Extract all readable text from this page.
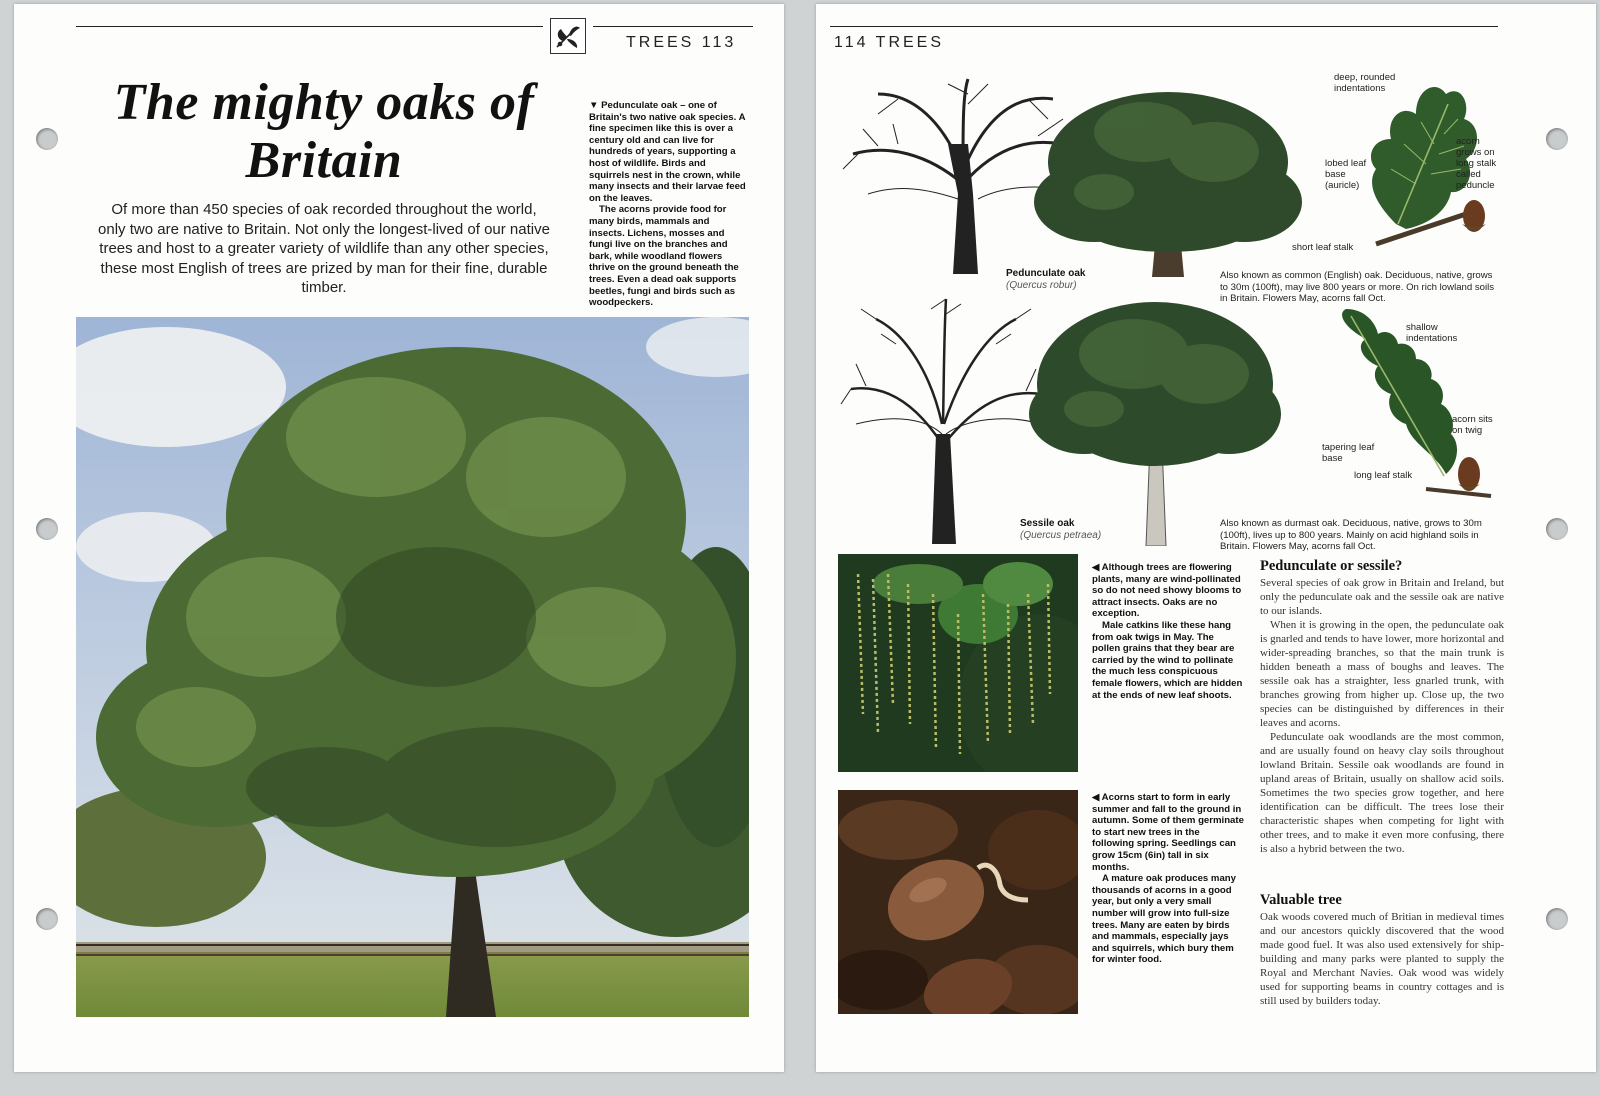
TREES 113
The mighty oaks of
Britain
Of more than 450 species of oak recorded throughout the world, only two are native to Britain. Not only the longest-lived of our native trees and host to a greater variety of wildlife than any other species, these most English of trees are prized by man for their fine, durable timber.

▼ Pedunculate oak – one of Britain's two native oak species. A fine specimen like this is over a century old and can live for hundreds of years, supporting a host of wildlife. Birds and squirrels nest in the crown, while many insects and their larvae feed on the leaves.

The acorns provide food for many birds, mammals and insects. Lichens, mosses and fungi live on the branches and bark, while woodland flowers thrive on the ground beneath the trees. Even a dead oak supports beetles, fungi and birds such as woodpeckers.

114 TREES
Pedunculate oak
(Quercus robur)
deep, rounded indentations
lobed leaf base (auricle)
acorn grows on long stalk called peduncle
short leaf stalk
Also known as common (English) oak. Deciduous, native, grows to 30m (100ft), may live 800 years or more. On rich lowland soils in Britain. Flowers May, acorns fall Oct.
Sessile oak
(Quercus petraea)
shallow indentations
acorn sits on twig
tapering leaf base
long leaf stalk
Also known as durmast oak. Deciduous, native, grows to 30m (100ft), lives up to 800 years. Mainly on acid highland soils in Britain. Flowers May, acorns fall Oct.

◀ Although trees are flowering plants, many are wind-pollinated so do not need showy blooms to attract insects. Oaks are no exception.

Male catkins like these hang from oak twigs in May. The pollen grains that they bear are carried by the wind to pollinate the much less conspicuous female flowers, which are hidden at the ends of new leaf shoots.

◀ Acorns start to form in early summer and fall to the ground in autumn. Some of them germinate to start new trees in the following spring. Seedlings can grow 15cm (6in) tall in six months.

A mature oak produces many thousands of acorns in a good year, but only a very small number will grow into full-size trees. Many are eaten by birds and mammals, especially jays and squirrels, which bury them for winter food.

Pedunculate or sessile?

Several species of oak grow in Britain and Ireland, but only the pedunculate oak and the sessile oak are native to our islands.

When it is growing in the open, the pedunculate oak is gnarled and tends to have lower, more horizontal and wider-spreading branches, so that the main trunk is hidden beneath a mass of boughs and leaves. The sessile oak has a straighter, less gnarled trunk, with branches growing from higher up. Close up, the two species can be distinguished by differences in their leaves and acorns.

Pedunculate oak woodlands are the most common, and are usually found on heavy clay soils throughout lowland Britain. Sessile oak woodlands are found in upland areas of Britain, usually on shallow acid soils. Sometimes the two species grow together, and here identification can be difficult. The trees lose their characteristic shapes when competing for light with other trees, and to make it even more confusing, there is also a hybrid between the two.

Valuable tree

Oak woods covered much of Britian in medieval times and our ancestors quickly discovered that the wood made good fuel. It was also used extensively for ship-building and many parks were planted to supply the Royal and Merchant Navies. Oak wood was widely used for supporting beams in country cottages and is still used by builders today.
